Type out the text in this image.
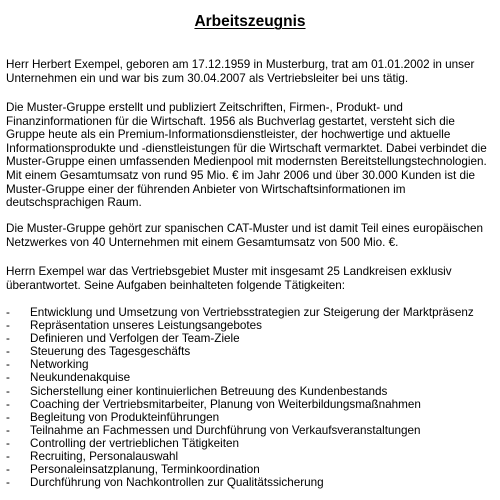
Arbeitszeugnis

Herr Herbert Exempel, geboren am 17.12.1959 in Musterburg, trat am 01.01.2002 in unser
Unternehmen ein und war bis zum 30.04.2007 als Vertriebsleiter bei uns tätig.

Die Muster-Gruppe erstellt und publiziert Zeitschriften, Firmen-, Produkt- und
Finanzinformationen für die Wirtschaft. 1956 als Buchverlag gestartet, versteht sich die
Gruppe heute als ein Premium-Informationsdienstleister, der hochwertige und aktuelle
Informationsprodukte und -dienstleistungen für die Wirtschaft vermarktet. Dabei verbindet die
Muster-Gruppe einen umfassenden Medienpool mit modernsten Bereitstellungstechnologien.
Mit einem Gesamtumsatz von rund 95 Mio. € im Jahr 2006 und über 30.000 Kunden ist die
Muster-Gruppe einer der führenden Anbieter von Wirtschaftsinformationen im
deutschsprachigen Raum.

Die Muster-Gruppe gehört zur spanischen CAT-Muster und ist damit Teil eines europäischen
Netzwerkes von 40 Unternehmen mit einem Gesamtumsatz von 500 Mio. €.

Herrn Exempel war das Vertriebsgebiet Muster mit insgesamt 25 Landkreisen exklusiv
überantwortet. Seine Aufgaben beinhalteten folgende Tätigkeiten:

- Entwicklung und Umsetzung von Vertriebsstrategien zur Steigerung der Marktpräsenz
- Repräsentation unseres Leistungsangebotes
- Definieren und Verfolgen der Team-Ziele
- Steuerung des Tagesgeschäfts
- Networking
- Neukundenakquise
- Sicherstellung einer kontinuierlichen Betreuung des Kundenbestands
- Coaching der Vertriebsmitarbeiter, Planung von Weiterbildungsmaßnahmen
- Begleitung von Produkteinführungen
- Teilnahme an Fachmessen und Durchführung von Verkaufsveranstaltungen
- Controlling der vertrieblichen Tätigkeiten
- Recruiting, Personalauswahl
- Personaleinsatzplanung, Terminkoordination
- Durchführung von Nachkontrollen zur Qualitätssicherung
